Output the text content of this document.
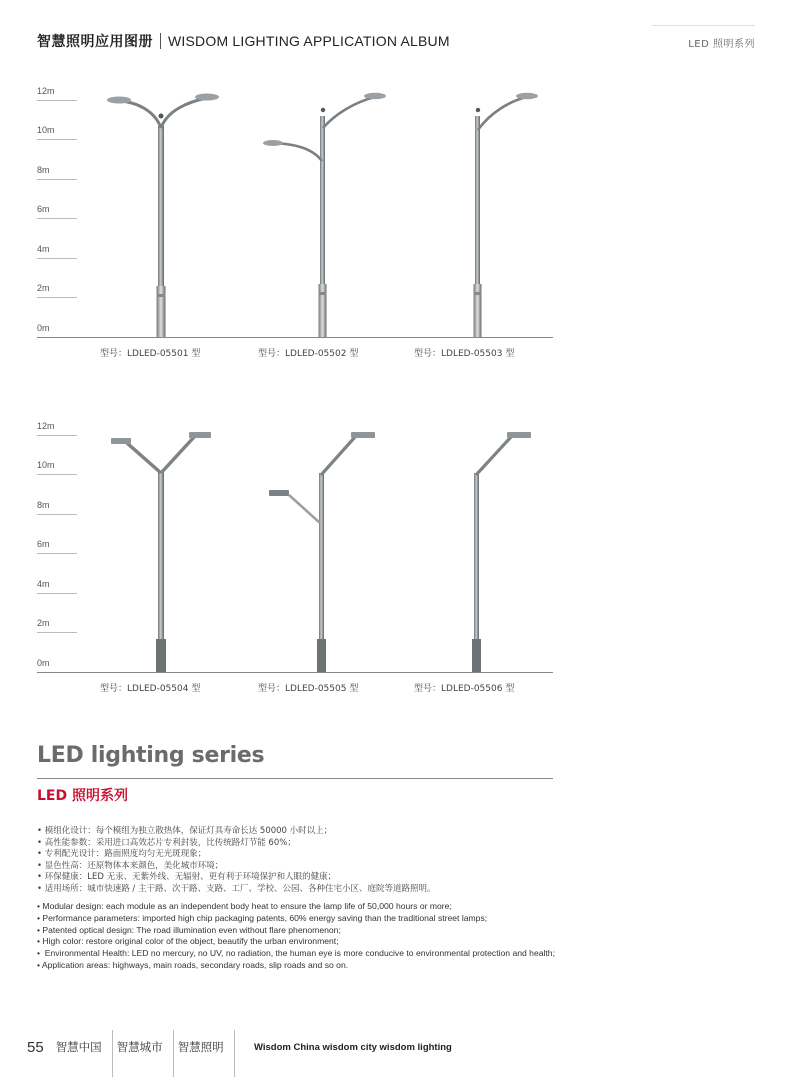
智慧照明应用图册 WISDOM LIGHTING APPLICATION ALBUM	LED 照明系列
12m
10m
8m
6m
4m
2m
0m
型号：LDLED-05501 型	型号：LDLED-05502 型	型号：LDLED-05503 型
12m
10m
8m
6m
4m
2m
0m
型号：LDLED-05504 型	型号：LDLED-05505 型	型号：LDLED-05506 型
LED lighting series
LED 照明系列
• 模组化设计：每个模组为独立散热体，保证灯具寿命长达 50000 小时以上；
• 高性能参数：采用进口高效芯片专利封装，比传统路灯节能 60%；
• 专利配光设计：路面照度均匀无光斑现象；
• 显色性高：还原物体本来颜色，美化城市环境；
• 环保健康：LED 无汞、无紫外线、无辐射、更有利于环境保护和人眼的健康；
• 适用场所：城市快速路 / 主干路、次干路、支路、工厂、学校、公园、各种住宅小区、庭院等道路照明。
• Modular design: each module as an independent body heat to ensure the lamp life of 50,000 hours or more;
• Performance parameters: imported high chip packaging patents, 60% energy saving than the traditional street lamps;
• Patented optical design: The road illumination even without flare phenomenon;
• High color: restore original color of the object, beautify the urban environment;
• Environmental Health: LED no mercury, no UV, no radiation, the human eye is more conducive to environmental protection and health;
• Application areas: highways, main roads, secondary roads, slip roads and so on.
55	智慧中国	智慧城市	智慧照明	Wisdom China wisdom city wisdom lighting
